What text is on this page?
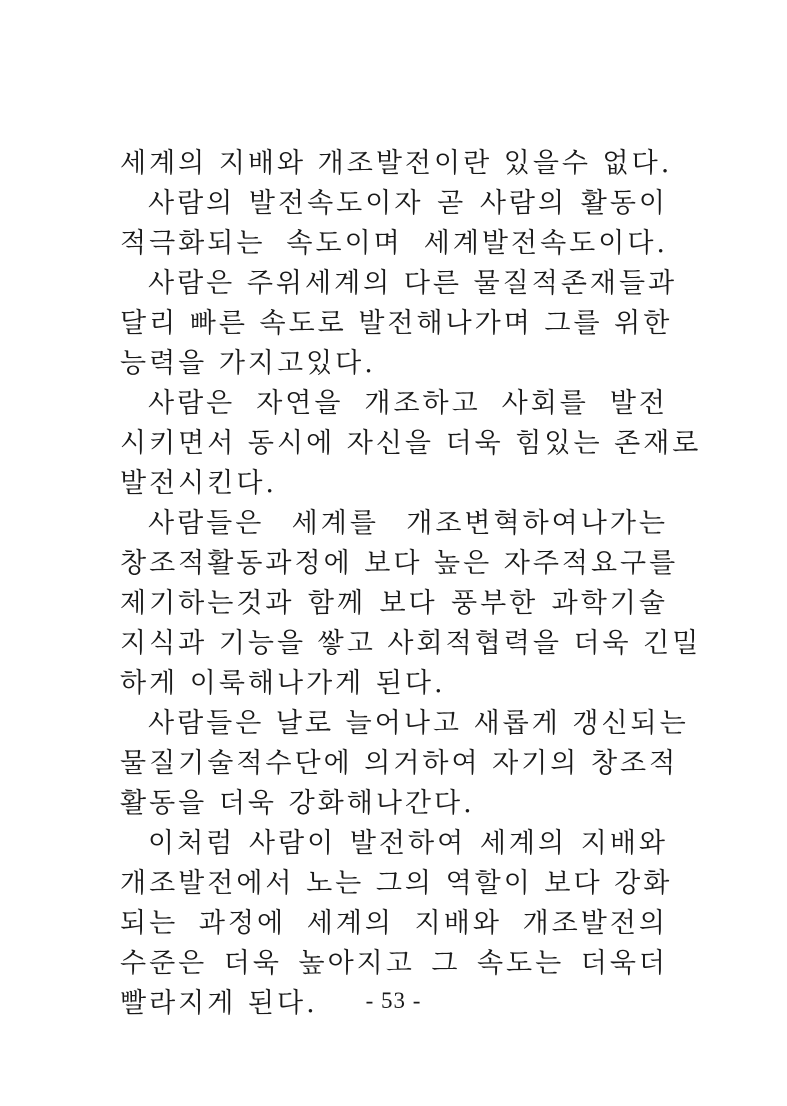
세계의 지배와 개조발전이란 있을수 없다.
사람의 발전속도이자 곧 사람의 활동이
적극화되는 속도이며 세계발전속도이다.
사람은 주위세계의 다른 물질적존재들과
달리 빠른 속도로 발전해나가며 그를 위한
능력을 가지고있다.
사람은 자연을 개조하고 사회를 발전
시키면서 동시에 자신을 더욱 힘있는 존재로
발전시킨다.
사람들은 세계를 개조변혁하여나가는
창조적활동과정에 보다 높은 자주적요구를
제기하는것과 함께 보다 풍부한 과학기술
지식과 기능을 쌓고 사회적협력을 더욱 긴밀
하게 이룩해나가게 된다.
사람들은 날로 늘어나고 새롭게 갱신되는
물질기술적수단에 의거하여 자기의 창조적
활동을 더욱 강화해나간다.
이처럼 사람이 발전하여 세계의 지배와
개조발전에서 노는 그의 역할이 보다 강화
되는 과정에 세계의 지배와 개조발전의
수준은 더욱 높아지고 그 속도는 더욱더
빨라지게 된다.	- 53 -
